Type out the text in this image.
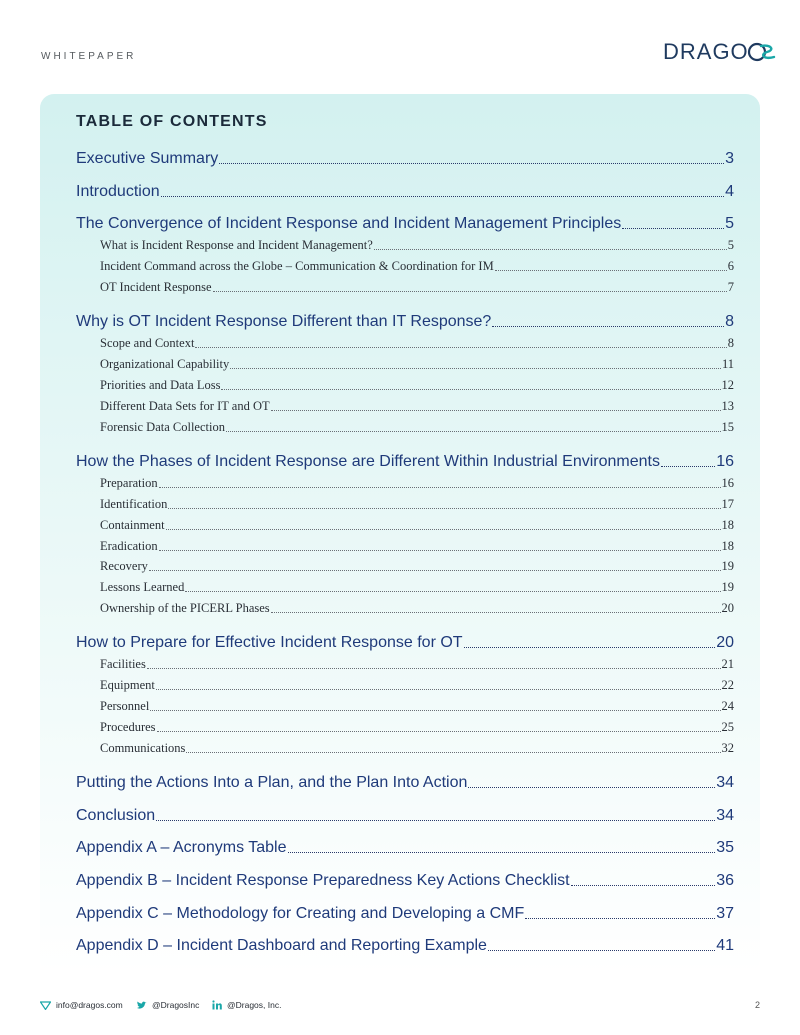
WHITEPAPER	DRAGO
TABLE OF CONTENTS
Executive Summary	3
Introduction	4
The Convergence of Incident Response and Incident Management Principles	5
What is Incident Response and Incident Management?	5
Incident Command across the Globe – Communication & Coordination for IM	6
OT Incident Response	7
Why is OT Incident Response Different than IT Response?	8
Scope and Context	8
Organizational Capability	11
Priorities and Data Loss	12
Different Data Sets for IT and OT	13
Forensic Data Collection	15
How the Phases of Incident Response are Different Within Industrial Environments	16
Preparation	16
Identification	17
Containment	18
Eradication	18
Recovery	19
Lessons Learned	19
Ownership of the PICERL Phases	20
How to Prepare for Effective Incident Response for OT	20
Facilities	21
Equipment	22
Personnel	24
Procedures	25
Communications	32
Putting the Actions Into a Plan, and the Plan Into Action	34
Conclusion	34
Appendix A – Acronyms Table	35
Appendix B – Incident Response Preparedness Key Actions Checklist	36
Appendix C – Methodology for Creating and Developing a CMF	37
Appendix D – Incident Dashboard and Reporting Example	41
info@dragos.com	@DragosInc	@Dragos, Inc.	2
